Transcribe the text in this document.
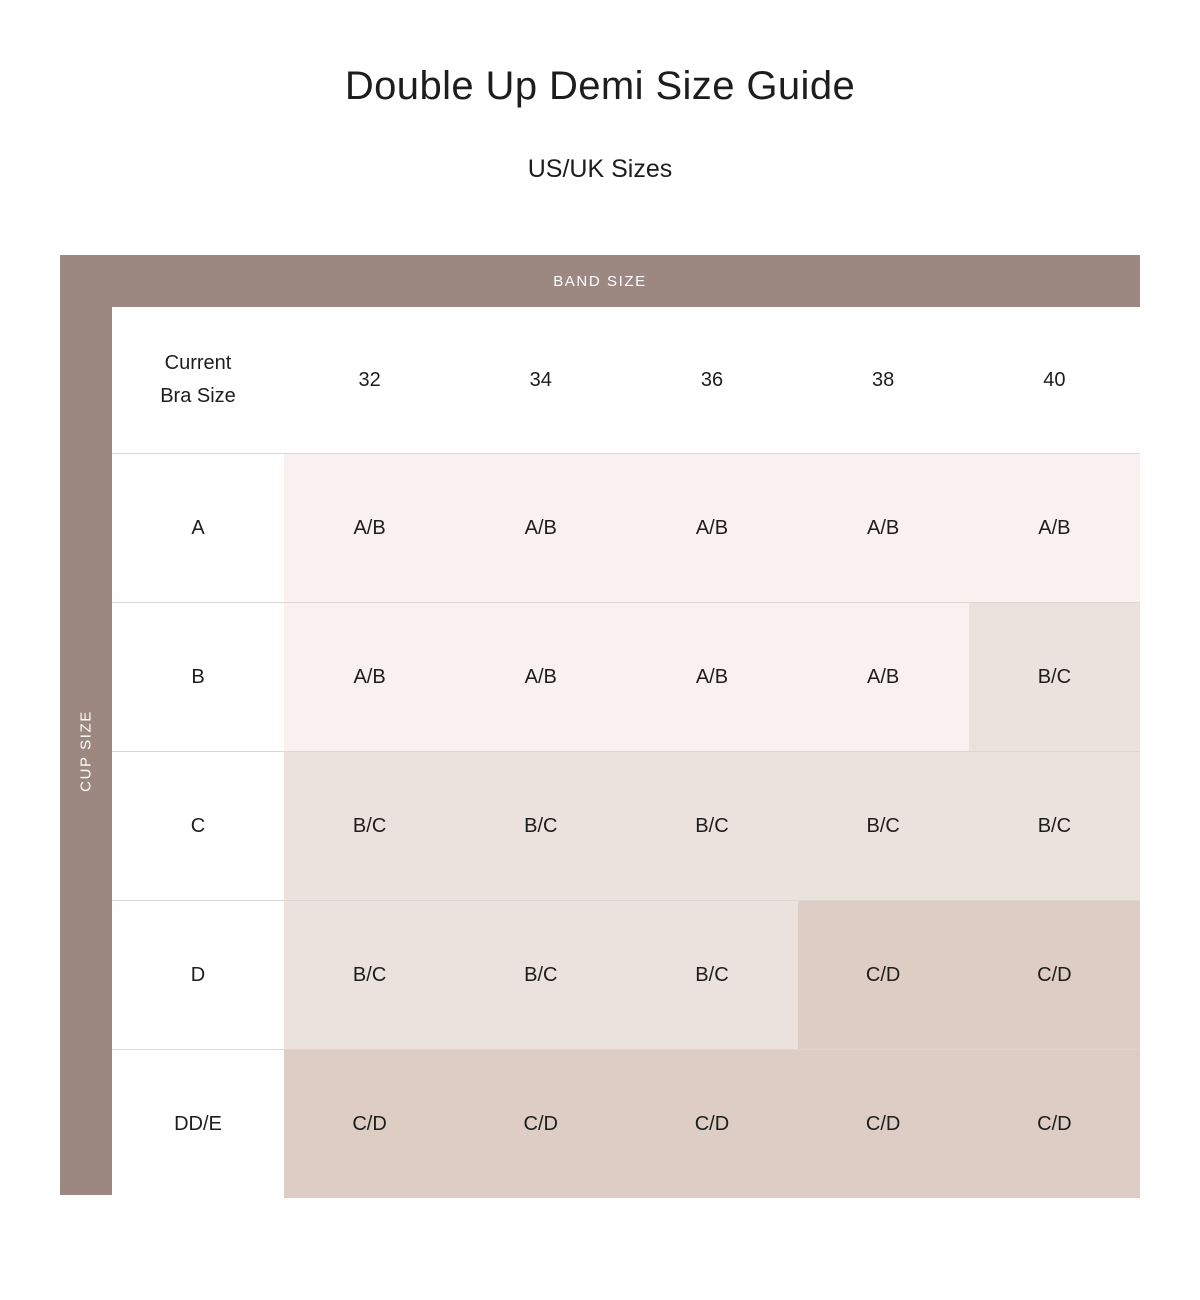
Double Up Demi Size Guide
US/UK Sizes
BAND SIZE
CUP SIZE
Current
Bra Size	32	34	36	38	40
A	A/B	A/B	A/B	A/B	A/B
B	A/B	A/B	A/B	A/B	B/C
C	B/C	B/C	B/C	B/C	B/C
D	B/C	B/C	B/C	C/D	C/D
DD/E	C/D	C/D	C/D	C/D	C/D
